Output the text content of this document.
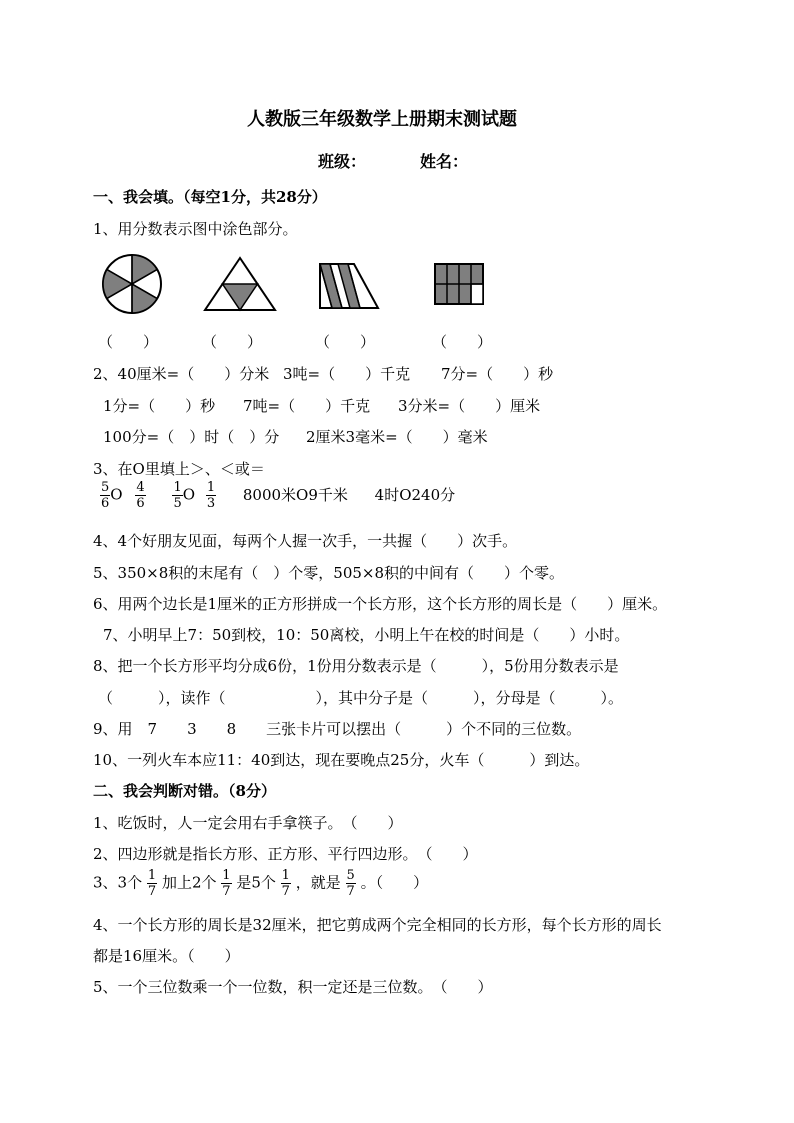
人教版三年级数学上册期末测试题
班级：	姓名：
一、我会填。（每空1分，共28分）
1、用分数表示图中涂色部分。
（　　）	（　　）	（　　）	（　　）
2、40厘米=（　　）分米 3吨=（　　）千克 7分=（　　）秒
1分=（　　）秒 7吨=（　　）千克 3分米=（　　）厘米
100分=（　）时（　）分 2厘米3毫米=（　　）毫米
3、在O里填上＞、＜或＝
$\frac{5}{6}$ O $\frac{4}{6}$
$\frac{1}{5}$ O $\frac{1}{3} 8000$米O9千米 4时O240分
4、4个好朋友见面，每两个人握一次手，一共握（　　）次手。
5、350×8积的末尾有（　）个零，505×8积的中间有（　　）个零。
6、用两个边长是1厘米的正方形拼成一个长方形，这个长方形的周长是（　　）厘米。
7、小明早上7：50到校，10：50离校，小明上午在校的时间是（　　）小时。
8、把一个长方形平均分成6份，1份用分数表示是（　　　），5份用分数表示是
（　　　），读作（　　　　　　），其中分子是（　　　），分母是（　　　）。
9、用　7　　3　　8　　三张卡片可以摆出（　　　）个不同的三位数。
10、一列火车本应11：40到达，现在要晚点25分，火车（　　　）到达。
二、我会判断对错。（8分）
1、吃饭时，人一定会用右手拿筷子。　（　　）
2、四边形就是指长方形、正方形、平行四边形。　（　　）
3、3个 $\frac{1}{7}$ 加上2个 $\frac{1}{7}$ 是5个 $\frac{1}{7}$ ，就是 $\frac{5}{7}$ 。（　　）
4、一个长方形的周长是32厘米，把它剪成两个完全相同的长方形，每个长方形的周长
都是16厘米。（　　）
5、一个三位数乘一个一位数，积一定还是三位数。　（　　）
